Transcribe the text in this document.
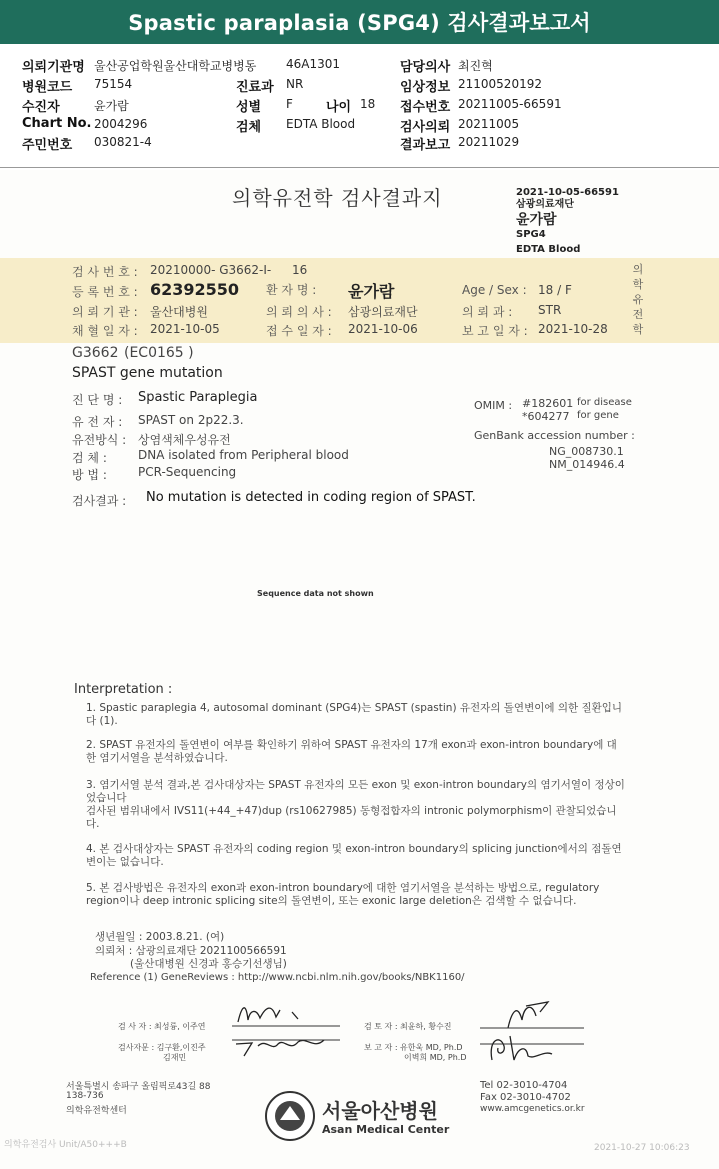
Spastic paraplasia (SPG4) 검사결과보고서
의뢰기관명 울산공업학원울산대학교병병동 46A1301	담당의사 최진혁
병원코드 75154	진료과 NR	임상정보 21100520192
수진자	윤가람	성별 F	나이 18 접수번호 20211005-66591
Chart No. 2004296	검체 EDTA Blood	검사의뢰 20211005
주민번호 030821-4	결과보고 20211029
의학유전학 검사결과지	2021-10-05-66591
삼광의료재단
윤가람
SPG4
EDTA Blood
검 사 번 호 : 20210000- G3662-I- 16
등 록 번 호 : 62392550 환 자 명 : 윤가람	Age / Sex : 18 / F
의 뢰 기 관 : 울산대병원	의 뢰 의 사 : 삼광의료재단	의 뢰 과 : STR
채 혈 일 자 : 2021-10-05	접 수 일 자 : 2021-10-06	보 고 일 자 : 2021-10-28
의
학
유
전
학
G3662 (EC0165 )
SPAST gene mutation
진 단 명 : Spastic Paraplegia
유 전 자 : SPAST on 2p22.3.
유전방식 : 상염색체우성유전
검 체 :	DNA isolated from Peripheral blood
방 법 :	PCR-Sequencing
OMIM : #182601 for disease
*604277 for gene
GenBank accession number :
NG_008730.1
NM_014946.4
검사결과 : No mutation is detected in coding region of SPAST.
Sequence data not shown
Interpretation :
1. Spastic paraplegia 4, autosomal dominant (SPG4)는 SPAST (spastin) 유전자의 돌연변이에 의한 질환입니다 (1).
2. SPAST 유전자의 돌연변이 여부를 확인하기 위하여 SPAST 유전자의 17개 exon과 exon-intron boundary에 대한 염기서열을 분석하였습니다.
3. 염기서열 분석 결과,본 검사대상자는 SPAST 유전자의 모든 exon 및 exon-intron boundary의 염기서열이 정상이었습니다
검사된 범위내에서 IVS11(+44_+47)dup (rs10627985) 동형접합자의 intronic polymorphism이 관찰되었습니다.
4. 본 검사대상자는 SPAST 유전자의 coding region 및 exon-intron boundary의 splicing junction에서의 점돌연변이는 없습니다.
5. 본 검사방법은 유전자의 exon과 exon-intron boundary에 대한 염기서열을 분석하는 방법으로, regulatory region이나 deep intronic splicing site의 돌연변이, 또는 exonic large deletion은 검색할 수 없습니다.
생년월일 : 2003.8.21. (여)
의뢰처 : 삼광의료재단 2021100566591
(울산대병원 신경과 홍승기선생님)
Reference (1) GeneReviews : http://www.ncbi.nlm.nih.gov/books/NBK1160/
검 사 자 : 최성륭, 이주연	검 토 자 : 최윤하, 황수진
검사자문 : 김구환,이진주
김재민
보 고 자 : 유한욱 MD, Ph.D
이벽희 MD, Ph.D
서울특별시 송파구 올림픽로43길 88
138-736
의학유전학센터	서울아산병원
Asan Medical Center
Tel 02-3010-4704
Fax 02-3010-4702
www.amcgenetics.or.kr
의학유전검사 Unit/A50+++B	2021-10-27 10:06:23
